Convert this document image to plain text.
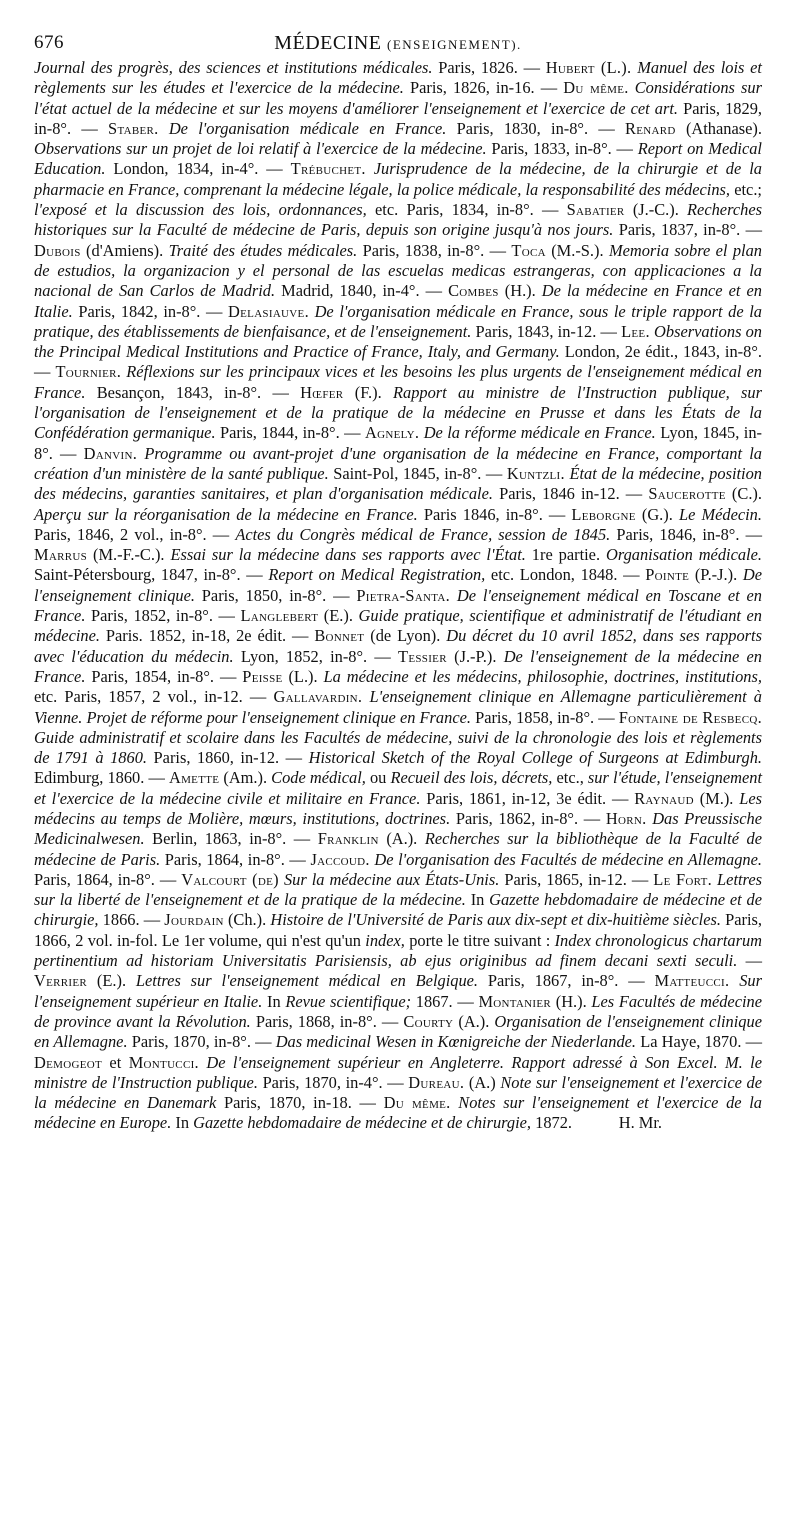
676	MÉDECINE (ENSEIGNEMENT).

Journal des progrès, des sciences et institutions médicales. Paris, 1826. — Hubert (L.). Manuel des lois et règlements sur les études et l'exercice de la médecine. Paris, 1826, in-16. — Du même. Considérations sur l'état actuel de la médecine et sur les moyens d'améliorer l'enseignement et l'exercice de cet art. Paris, 1829, in-8°. — Staber. De l'organisation médicale en France. Paris, 1830, in-8°. — Renard (Athanase). Observations sur un projet de loi relatif à l'exercice de la médecine. Paris, 1833, in-8°. — Report on Medical Education. London, 1834, in-4°. — Trébuchet. Jurisprudence de la médecine, de la chirurgie et de la pharmacie en France, comprenant la médecine légale, la police médicale, la responsabilité des médecins, etc.; l'exposé et la discussion des lois, ordonnances, etc. Paris, 1834, in-8°. — Sabatier (J.-C.). Recherches historiques sur la Faculté de médecine de Paris, depuis son origine jusqu'à nos jours. Paris, 1837, in-8°. — Dubois (d'Amiens). Traité des études médicales. Paris, 1838, in-8°. — Toca (M.-S.). Memoria sobre el plan de estudios, la organizacion y el personal de las escuelas medicas estrangeras, con applicaciones a la nacional de San Carlos de Madrid. Madrid, 1840, in-4°. — Combes (H.). De la médecine en France et en Italie. Paris, 1842, in-8°. — Delasiauve. De l'organisation médicale en France, sous le triple rapport de la pratique, des établissements de bienfaisance, et de l'enseignement. Paris, 1843, in-12. — Lee. Observations on the Principal Medical Institutions and Practice of France, Italy, and Germany. London, 2e édit., 1843, in-8°. — Tournier. Réflexions sur les principaux vices et les besoins les plus urgents de l'enseignement médical en France. Besançon, 1843, in-8°. — Hœfer (F.). Rapport au ministre de l'Instruction publique, sur l'organisation de l'enseignement et de la pratique de la médecine en Prusse et dans les États de la Confédération germanique. Paris, 1844, in-8°. — Agnely. De la réforme médicale en France. Lyon, 1845, in-8°. — Danvin. Programme ou avant-projet d'une organisation de la médecine en France, comportant la création d'un ministère de la santé publique. Saint-Pol, 1845, in-8°. — Kuntzli. État de la médecine, position des médecins, garanties sanitaires, et plan d'organisation médicale. Paris, 1846 in-12. — Saucerotte (C.). Aperçu sur la réorganisation de la médecine en France. Paris 1846, in-8°. — Leborgne (G.). Le Médecin. Paris, 1846, 2 vol., in-8°. — Actes du Congrès médical de France, session de 1845. Paris, 1846, in-8°. — Marrus (M.-F.-C.). Essai sur la médecine dans ses rapports avec l'État. 1re partie. Organisation médicale. Saint-Pétersbourg, 1847, in-8°. — Report on Medical Registration, etc. London, 1848. — Pointe (P.-J.). De l'enseignement clinique. Paris, 1850, in-8°. — Pietra-Santa. De l'enseignement médical en Toscane et en France. Paris, 1852, in-8°. — Langlebert (E.). Guide pratique, scientifique et administratif de l'étudiant en médecine. Paris. 1852, in-18, 2e édit. — Bonnet (de Lyon). Du décret du 10 avril 1852, dans ses rapports avec l'éducation du médecin. Lyon, 1852, in-8°. — Tessier (J.-P.). De l'enseignement de la médecine en France. Paris, 1854, in-8°. — Peisse (L.). La médecine et les médecins, philosophie, doctrines, institutions, etc. Paris, 1857, 2 vol., in-12. — Gallavardin. L'enseignement clinique en Allemagne particulièrement à Vienne. Projet de réforme pour l'enseignement clinique en France. Paris, 1858, in-8°. — Fontaine de Resbecq. Guide administratif et scolaire dans les Facultés de médecine, suivi de la chronologie des lois et règlements de 1791 à 1860. Paris, 1860, in-12. — Historical Sketch of the Royal College of Surgeons at Edimburgh. Edimburg, 1860. — Amette (Am.). Code médical, ou Recueil des lois, décrets, etc., sur l'étude, l'enseignement et l'exercice de la médecine civile et militaire en France. Paris, 1861, in-12, 3e édit. — Raynaud (M.). Les médecins au temps de Molière, mœurs, institutions, doctrines. Paris, 1862, in-8°. — Horn. Das Preussische Medicinalwesen. Berlin, 1863, in-8°. — Franklin (A.). Recherches sur la bibliothèque de la Faculté de médecine de Paris. Paris, 1864, in-8°. — Jaccoud. De l'organisation des Facultés de médecine en Allemagne. Paris, 1864, in-8°. — Valcourt (de) Sur la médecine aux États-Unis. Paris, 1865, in-12. — Le Fort. Lettres sur la liberté de l'enseignement et de la pratique de la médecine. In Gazette hebdomadaire de médecine et de chirurgie, 1866. — Jourdain (Ch.). Histoire de l'Université de Paris aux dix-sept et dix-huitième siècles. Paris, 1866, 2 vol. in-fol. Le 1er volume, qui n'est qu'un index, porte le titre suivant : Index chronologicus chartarum pertinentium ad historiam Universitatis Parisiensis, ab ejus originibus ad finem decani sexti seculi. — Verrier (E.). Lettres sur l'enseignement médical en Belgique. Paris, 1867, in-8°. — Matteucci. Sur l'enseignement supérieur en Italie. In Revue scientifique; 1867. — Montanier (H.). Les Facultés de médecine de province avant la Révolution. Paris, 1868, in-8°. — Courty (A.). Organisation de l'enseignement clinique en Allemagne. Paris, 1870, in-8°. — Das medicinal Wesen in Kœnigreiche der Niederlande. La Haye, 1870. — Demogeot et Montucci. De l'enseignement supérieur en Angleterre. Rapport adressé à Son Excel. M. le ministre de l'Instruction publique. Paris, 1870, in-4°. — Dureau. (A.) Note sur l'enseignement et l'exercice de la médecine en Danemark Paris, 1870, in-18. — Du même. Notes sur l'enseignement et l'exercice de la médecine en Europe. In Gazette hebdomadaire de médecine et de chirurgie, 1872.	H. Mr.
